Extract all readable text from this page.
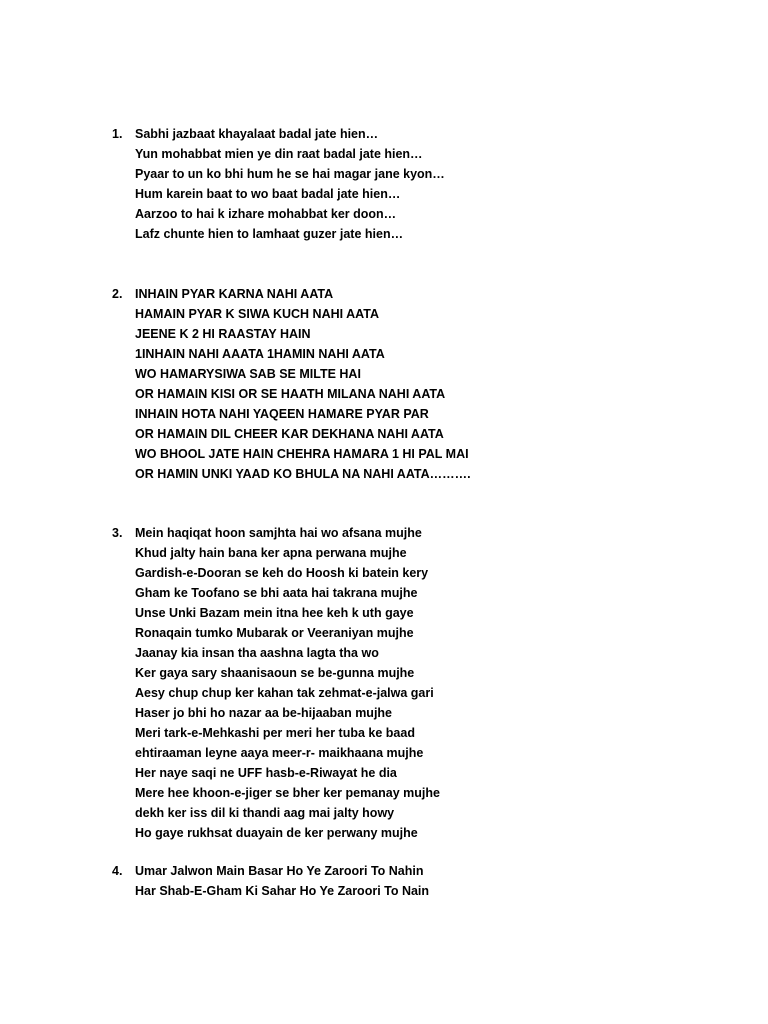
1. Sabhi jazbaat khayalaat badal jate hien…
Yun mohabbat mien ye din raat badal jate hien…
Pyaar to un ko bhi hum he se hai magar jane kyon…
Hum karein baat to wo baat badal jate hien…
Aarzoo to hai k izhare mohabbat ker doon…
Lafz chunte hien to lamhaat guzer jate hien…
2. INHAIN PYAR KARNA NAHI AATA
HAMAIN PYAR K SIWA KUCH NAHI AATA
JEENE K 2 HI RAASTAY HAIN
1INHAIN NAHI AAATA 1HAMIN NAHI AATA
WO HAMARYSIWA SAB SE MILTE HAI
OR HAMAIN KISI OR SE HAATH MILANA NAHI AATA
INHAIN HOTA NAHI YAQEEN HAMARE PYAR PAR
OR HAMAIN DIL CHEER KAR DEKHANA NAHI AATA
WO BHOOL JATE HAIN CHEHRA HAMARA 1 HI PAL MAI
OR HAMIN UNKI YAAD KO BHULA NA NAHI AATA……….
3. Mein haqiqat hoon samjhta hai wo afsana mujhe
Khud jalty hain bana ker apna perwana mujhe
Gardish-e-Dooran se keh do Hoosh ki batein kery
Gham ke Toofano se bhi aata hai takrana mujhe
Unse Unki Bazam mein itna hee keh k uth gaye
Ronaqain tumko Mubarak or Veeraniyan mujhe
Jaanay kia insan tha aashna lagta tha wo
Ker gaya sary shaanisaoun se be-gunna mujhe
Aesy chup chup ker kahan tak zehmat-e-jalwa gari
Haser jo bhi ho nazar aa be-hijaaban mujhe
Meri tark-e-Mehkashi per meri her tuba ke baad
ehtiraaman leyne aaya meer-r- maikhaana mujhe
Her naye saqi ne UFF hasb-e-Riwayat he dia
Mere hee khoon-e-jiger se bher ker pemanay mujhe
dekh ker iss dil ki thandi aag mai jalty howy
Ho gaye rukhsat duayain de ker perwany mujhe
4. Umar Jalwon Main Basar Ho Ye Zaroori To Nahin
Har Shab-E-Gham Ki Sahar Ho Ye Zaroori To Nain
